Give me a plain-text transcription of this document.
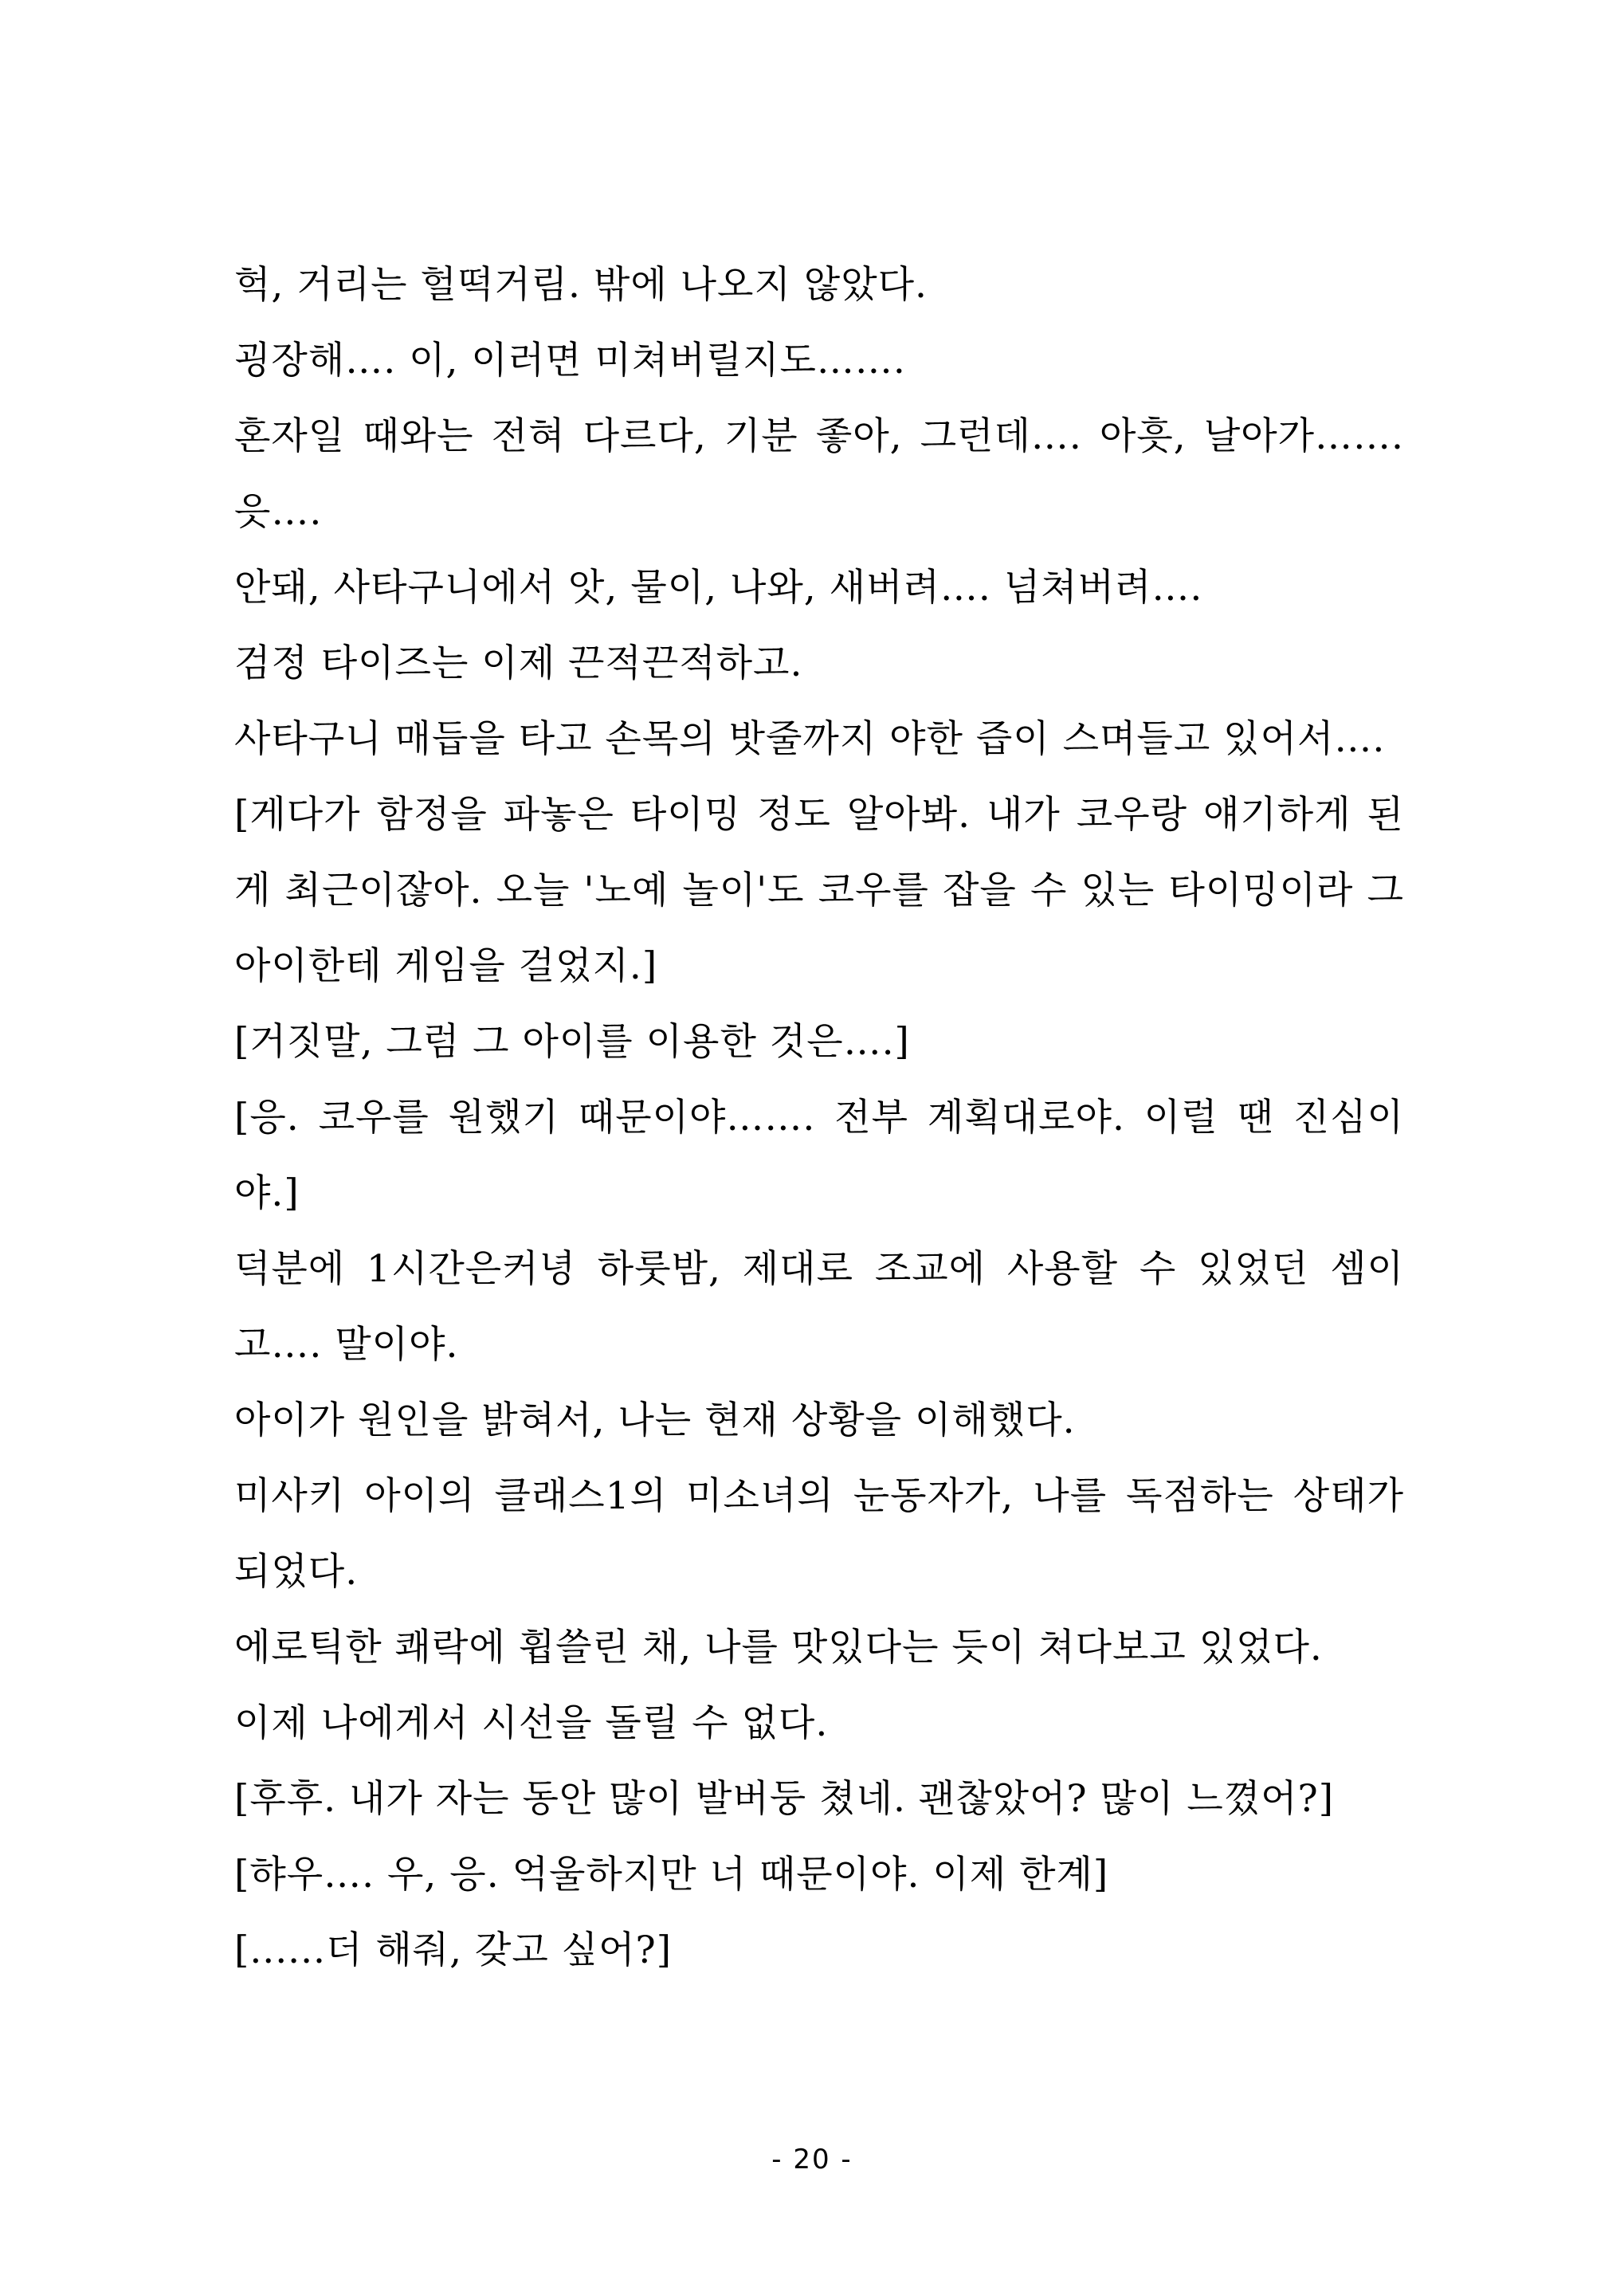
헉, 거리는 헐떡거림. 밖에 나오지 않았다.

굉장해…. 이, 이러면 미쳐버릴지도…….

혼자일 때와는 전혀 다르다, 기분 좋아, 그런데…. 아흣, 날아가……. 읏….

안돼, 사타구니에서 앗, 물이, 나와, 새버려…. 넘쳐버려….

검정 타이즈는 이제 끈적끈적하고.

사타구니 매듭을 타고 손목의 밧줄까지 야한 즙이 스며들고 있어서….

[게다가 함정을 파놓은 타이밍 정도 알아봐. 내가 코우랑 얘기하게 된 게 최근이잖아. 오늘 '노예 놀이'도 코우를 잡을 수 있는 타이밍이라 그 아이한테 게임을 걸었지.]

[거짓말, 그럼 그 아이를 이용한 것은….]

[응. 코우를 원했기 때문이야……. 전부 계획대로야. 이럴 땐 진심이야.]

덕분에 1시간은커녕 하룻밤, 제대로 조교에 사용할 수 있었던 셈이고…. 말이야.

아이가 원인을 밝혀서, 나는 현재 상황을 이해했다.

미사키 아이의 클래스1의 미소녀의 눈동자가, 나를 독점하는 상태가 되었다.

에로틱한 쾌락에 휩쓸린 채, 나를 맛있다는 듯이 쳐다보고 있었다.

이제 나에게서 시선을 돌릴 수 없다.

[후후. 내가 자는 동안 많이 발버둥 쳤네. 괜찮았어? 많이 느꼈어?]

[햐우…. 우, 응. 억울하지만 너 때문이야. 이제 한계]

[......더 해줘, 갖고 싶어?]

- 20 -
